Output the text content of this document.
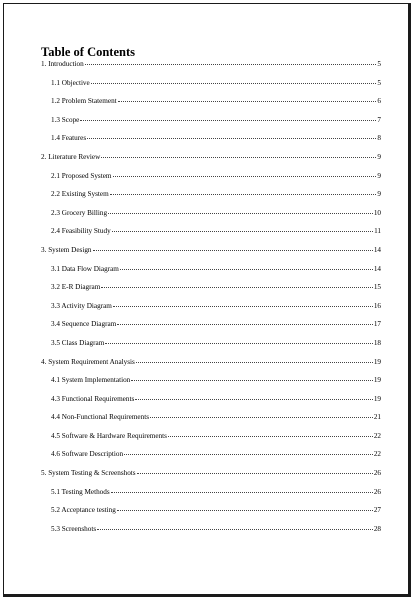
Table of Contents
1. Introduction	5
1.1 Objective	5
1.2 Problem Statement	6
1.3 Scope	7
1.4 Features	8
2. Literature Review	9
2.1 Proposed System	9
2.2 Existing System	9
2.3 Grocery Billing	10
2.4 Feasibility Study	11
3. System Design	14
3.1 Data Flow Diagram	14
3.2 E-R Diagram	15
3.3 Activity Diagram	16
3.4 Sequence Diagram	17
3.5 Class Diagram	18
4. System Requirement Analysis	19
4.1 System Implementation	19
4.3 Functional Requirements	19
4.4 Non-Functional Requirements	21
4.5 Software & Hardware Requirements	22
4.6 Software Description	22
5. System Testing & Screenshots	26
5.1 Testing Methods	26
5.2 Acceptance testing	27
5.3 Screenshots	28
